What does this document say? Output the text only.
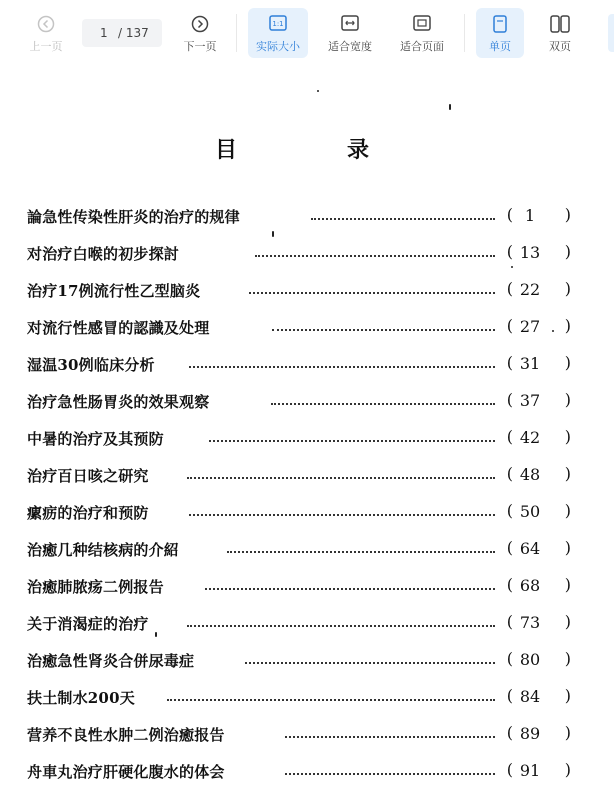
上一页
1 / 137
下一页
1:1
实际大小	适合宽度	适合页面	单页	双页
目	录
論急性传染性肝炎的治疗的规律	( 1	)
对治疗白喉的初步探討	( 13	)
治疗17例流行性乙型脑炎	( 22	)
对流行性感冒的認識及处理	( 27	)
湿温30例临床分析	( 31	)
治疗急性肠胃炎的效果观察	( 37	)
中暑的治疗及其预防	( 42	)
治疗百日咳之研究	( 48	)
瘰疬的治疗和预防	( 50	)
治癒几种结核病的介紹	( 64	)
治癒肺脓疡二例报告	( 68	)
关于消渴症的治疗	( 73	)
治癒急性肾炎合併尿毒症	( 80	)
扶土制水200天	( 84	)
营养不良性水肿二例治癒报告	( 89	)
舟車丸治疗肝硬化腹水的体会	( 91	)
